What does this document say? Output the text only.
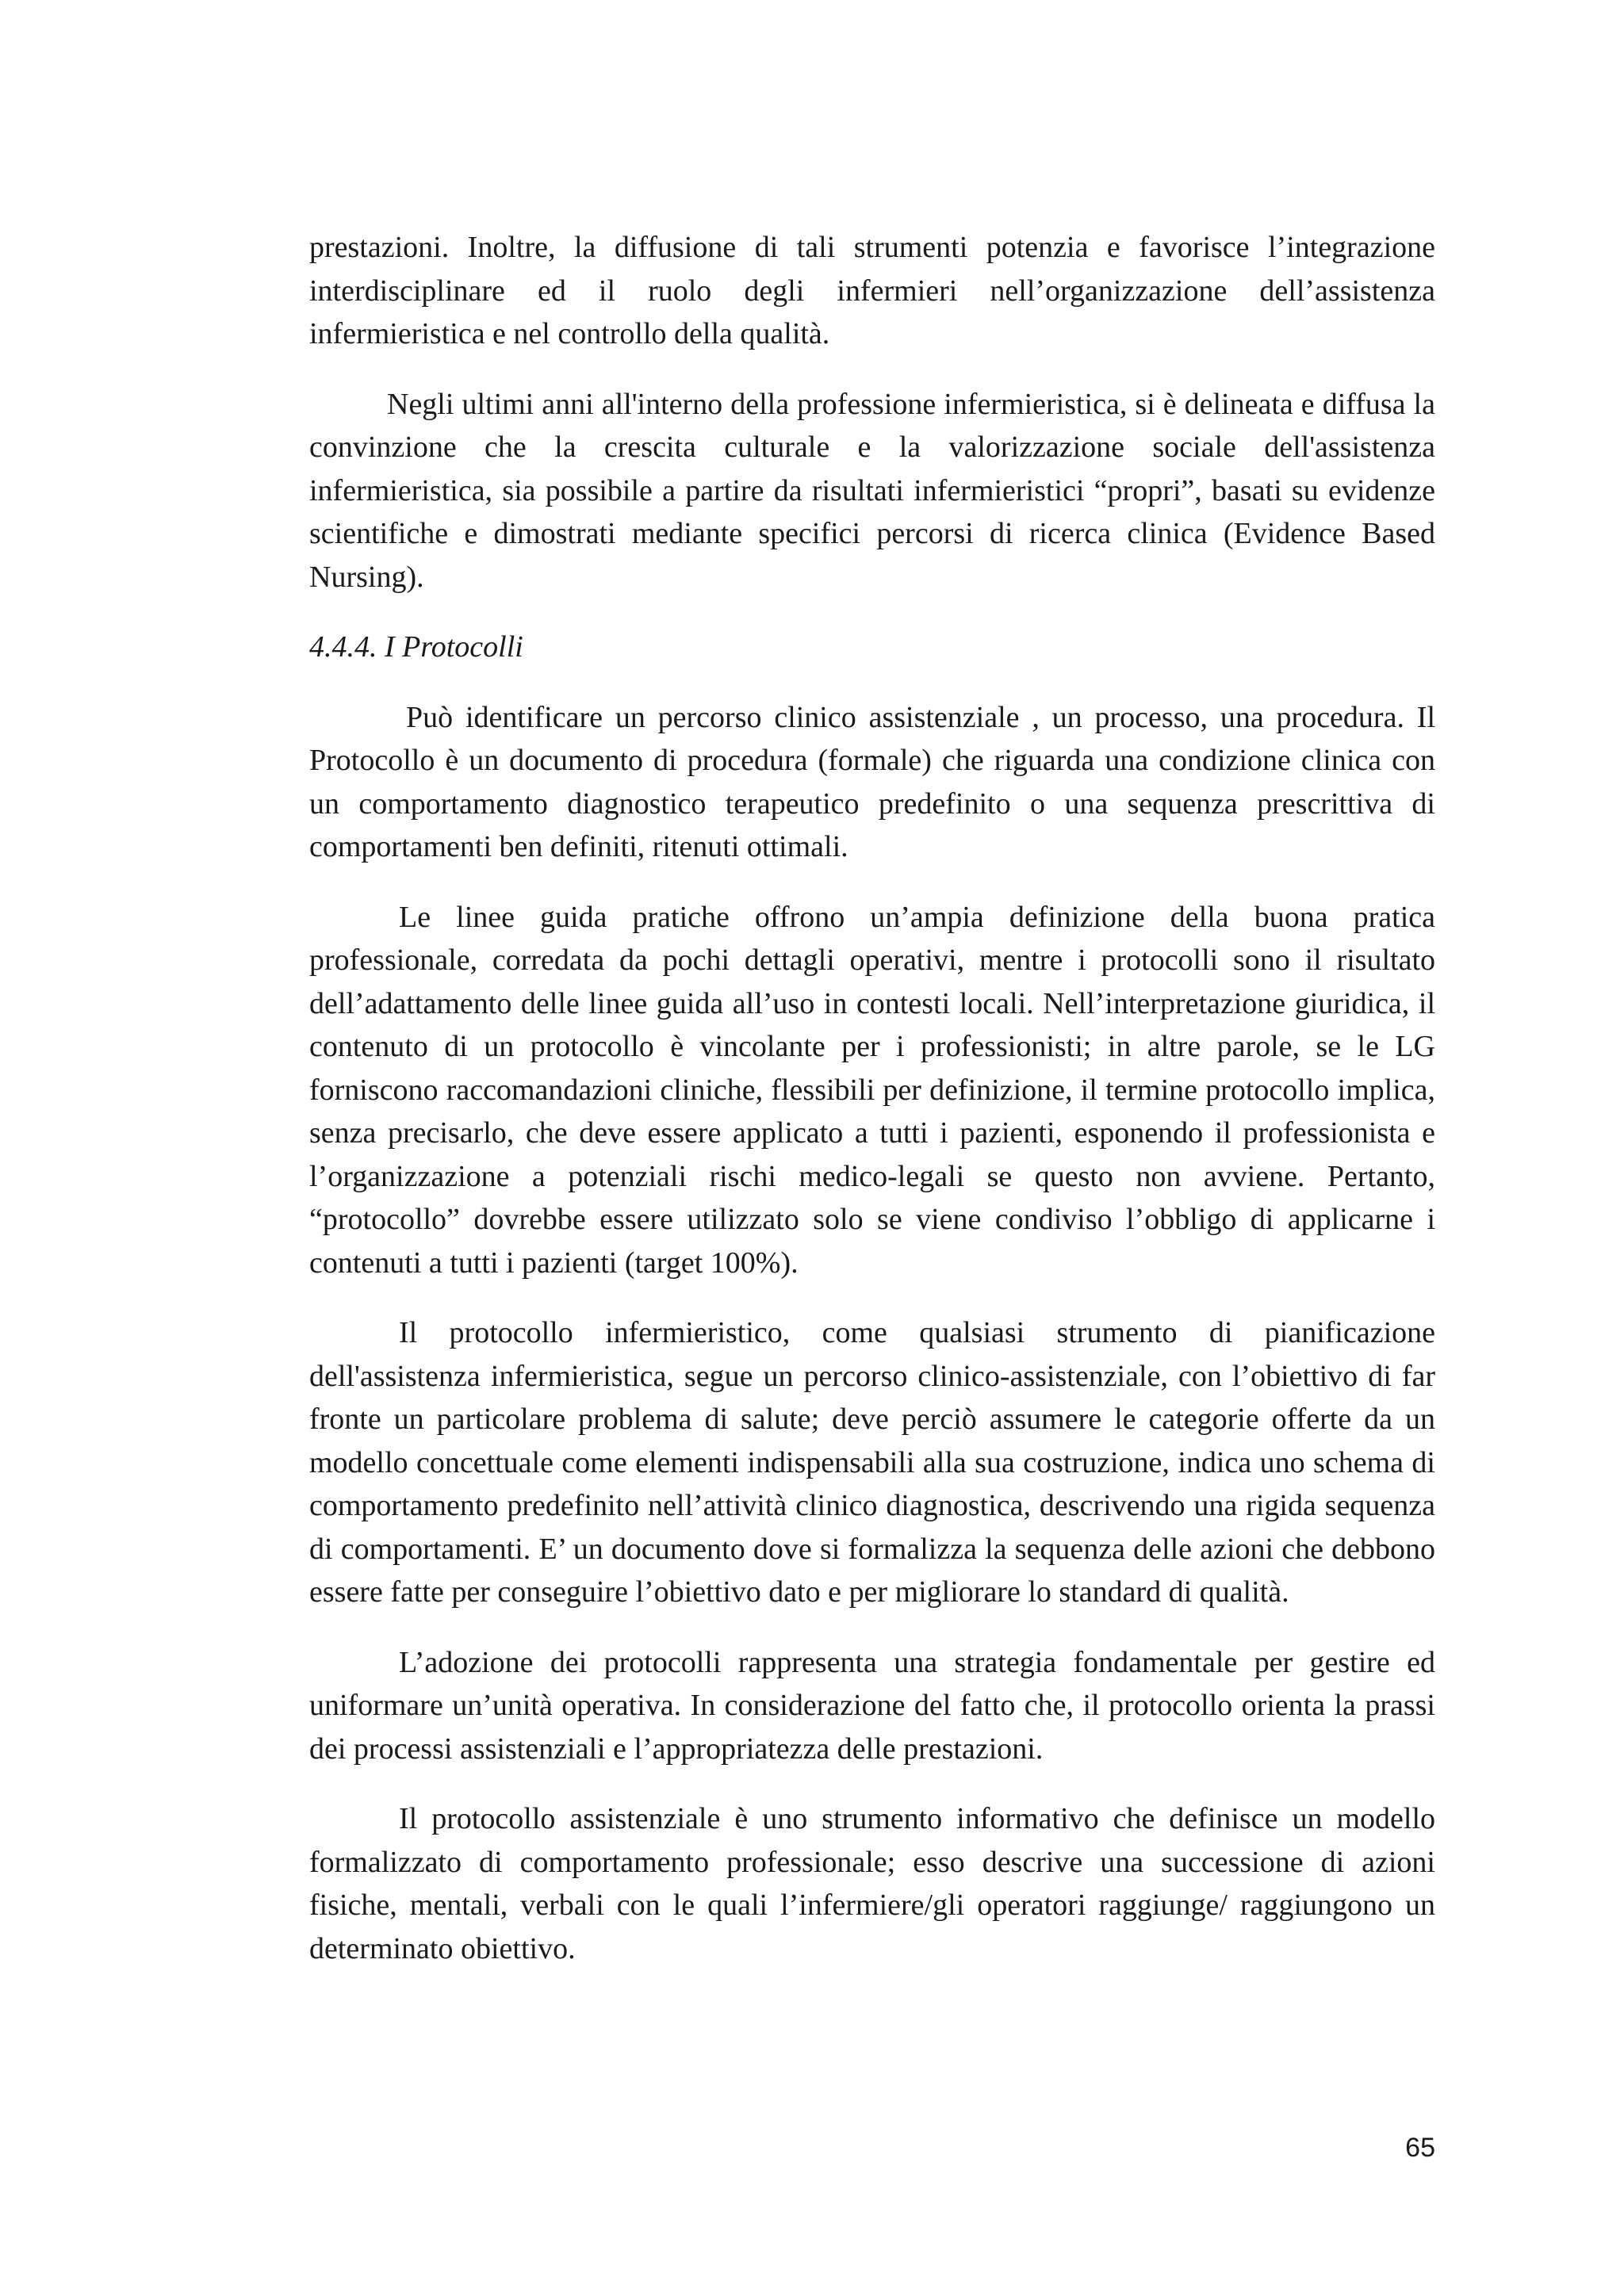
prestazioni. Inoltre, la diffusione di tali strumenti potenzia e favorisce l’integrazione interdisciplinare ed il ruolo degli infermieri nell’organizzazione dell’assistenza infermieristica e nel controllo della qualità.

Negli ultimi anni all'interno della professione infermieristica, si è delineata e diffusa la convinzione che la crescita culturale e la valorizzazione sociale dell'assistenza infermieristica, sia possibile a partire da risultati infermieristici “propri”, basati su evidenze scientifiche e dimostrati mediante specifici percorsi di ricerca clinica (Evidence Based Nursing).

4.4.4. I Protocolli

Può identificare un percorso clinico assistenziale , un processo, una procedura. Il Protocollo è un documento di procedura (formale) che riguarda una condizione clinica con un comportamento diagnostico terapeutico predefinito o una sequenza prescrittiva di comportamenti ben definiti, ritenuti ottimali.

Le linee guida pratiche offrono un’ampia definizione della buona pratica professionale, corredata da pochi dettagli operativi, mentre i protocolli sono il risultato dell’adattamento delle linee guida all’uso in contesti locali. Nell’interpretazione giuridica, il contenuto di un protocollo è vincolante per i professionisti; in altre parole, se le LG forniscono raccomandazioni cliniche, flessibili per definizione, il termine protocollo implica, senza precisarlo, che deve essere applicato a tutti i pazienti, esponendo il professionista e l’organizzazione a potenziali rischi medico-legali se questo non avviene. Pertanto, “protocollo” dovrebbe essere utilizzato solo se viene condiviso l’obbligo di applicarne i contenuti a tutti i pazienti (target 100%).

Il protocollo infermieristico, come qualsiasi strumento di pianificazione dell'assistenza infermieristica, segue un percorso clinico-assistenziale, con l’obiettivo di far fronte un particolare problema di salute; deve perciò assumere le categorie offerte da un modello concettuale come elementi indispensabili alla sua costruzione, indica uno schema di comportamento predefinito nell’attività clinico diagnostica, descrivendo una rigida sequenza di comportamenti. E’ un documento dove si formalizza la sequenza delle azioni che debbono essere fatte per conseguire l’obiettivo dato e per migliorare lo standard di qualità.

L’adozione dei protocolli rappresenta una strategia fondamentale per gestire ed uniformare un’unità operativa. In considerazione del fatto che, il protocollo orienta la prassi dei processi assistenziali e l’appropriatezza delle prestazioni.

Il protocollo assistenziale è uno strumento informativo che definisce un modello formalizzato di comportamento professionale; esso descrive una successione di azioni fisiche, mentali, verbali con le quali l’infermiere/gli operatori raggiunge/ raggiungono un determinato obiettivo.

65
